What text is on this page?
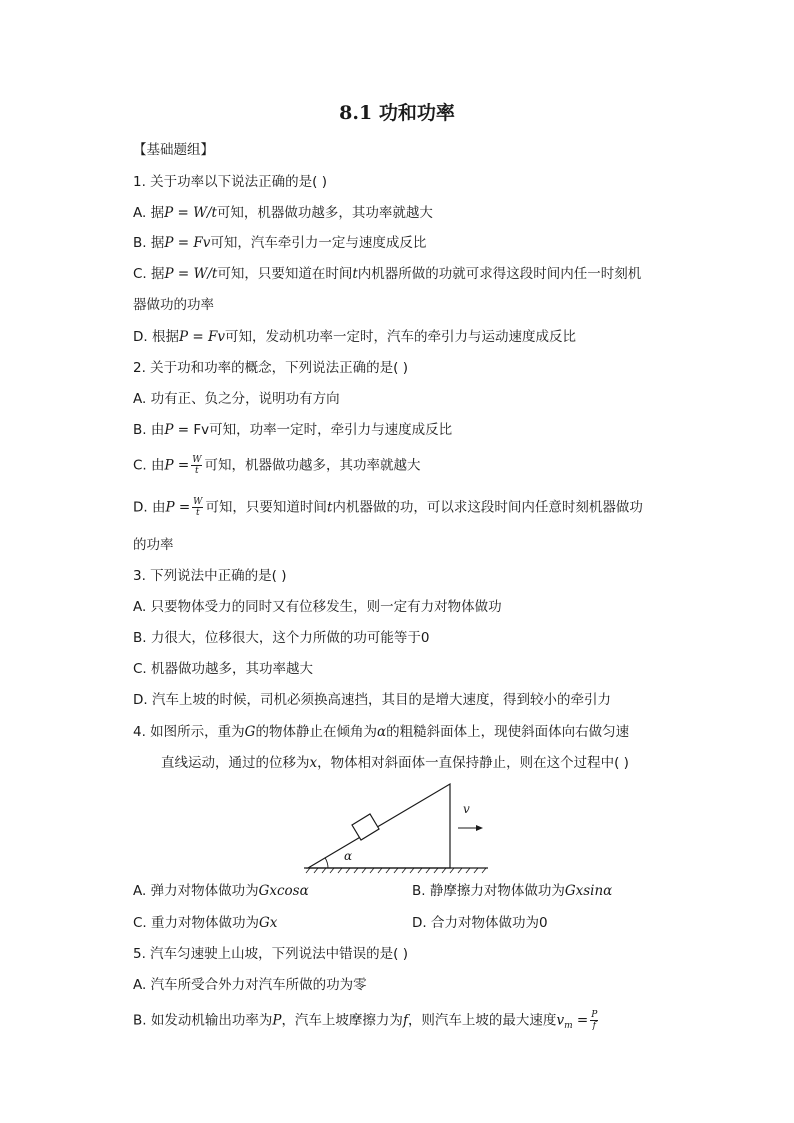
8.1 功和功率
【基础题组】
1. 关于功率以下说法正确的是( )
A. 据P = W/t可知，机器做功越多，其功率就越大
B. 据P = Fv可知，汽车牵引力一定与速度成反比
C. 据P = W/t可知，只要知道在时间t内机器所做的功就可求得这段时间内任一时刻机
器做功的功率
D. 根据P = Fv可知，发动机功率一定时，汽车的牵引力与运动速度成反比
2. 关于功和功率的概念，下列说法正确的是( )
A. 功有正、负之分，说明功有方向
B. 由P = Fv可知，功率一定时，牵引力与速度成反比
C. 由$P = \frac{W}{t}$ 可知，机器做功越多，其功率就越大
D. 由$P = \frac{W}{t}$ 可知，只要知道时间t内机器做的功，可以求这段时间内任意时刻机器做功
的功率
3. 下列说法中正确的是( )
A. 只要物体受力的同时又有位移发生，则一定有力对物体做功
B. 力很大，位移很大，这个力所做的功可能等于0
C. 机器做功越多，其功率越大
D. 汽车上坡的时候，司机必须换高速挡，其目的是增大速度，得到较小的牵引力
4. 如图所示，重为G的物体静止在倾角为α的粗糙斜面体上，现使斜面体向右做匀速
直线运动，通过的位移为x，物体相对斜面体一直保持静止，则在这个过程中( )
α
v
A. 弹力对物体做功为Gxcosα	B. 静摩擦力对物体做功为Gxsinα
C. 重力对物体做功为Gx	D. 合力对物体做功为0
5. 汽车匀速驶上山坡，下列说法中错误的是( )
A. 汽车所受合外力对汽车所做的功为零
B. 如发动机输出功率为P，汽车上坡摩擦力为f，则汽车上坡的最大速度$v_m = \frac{P}{f}$
